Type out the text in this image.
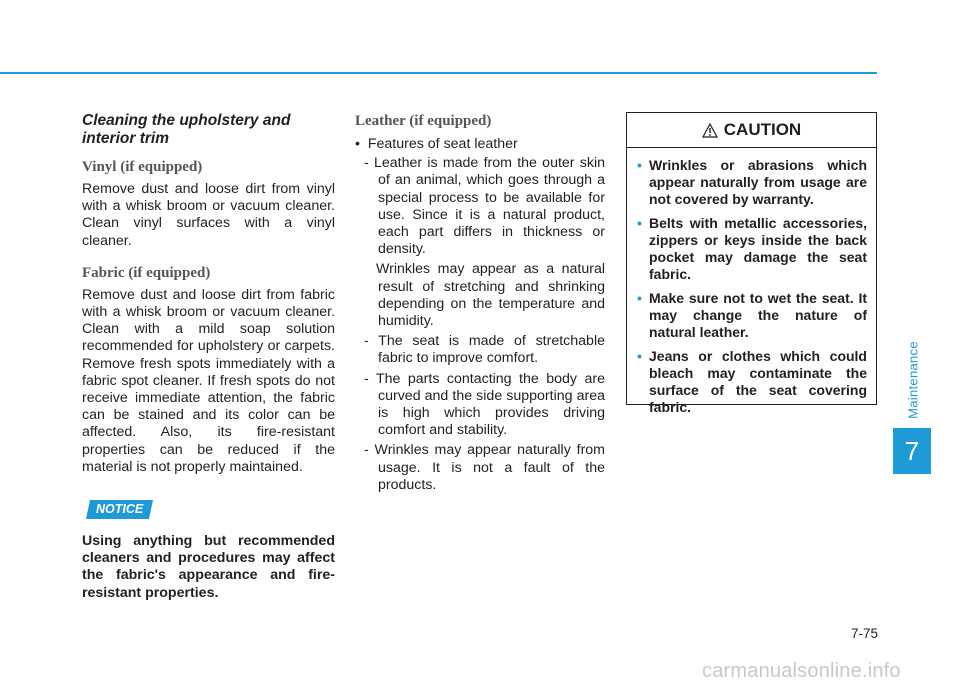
Cleaning the upholstery and interior trim
Vinyl (if equipped)

Remove dust and loose dirt from vinyl with a whisk broom or vacuum cleaner. Clean vinyl surfaces with a vinyl cleaner.

Fabric (if equipped)

Remove dust and loose dirt from fabric with a whisk broom or vacuum cleaner. Clean with a mild soap solution recommended for upholstery or carpets. Remove fresh spots immediately with a fabric spot cleaner. If fresh spots do not receive immediate attention, the fabric can be stained and its color can be affected. Also, its fire-resistant properties can be reduced if the material is not properly maintained.

NOTICE

Using anything but recommended cleaners and procedures may affect the fabric's appearance and fire-resistant properties.

Leather (if equipped)

•  Features of seat leather

- Leather is made from the outer skin of an animal, which goes through a special process to be available for use. Since it is a natural product, each part differs in thickness or density.

Wrinkles may appear as a natural result of stretching and shrinking depending on the temperature and humidity.

- The seat is made of stretchable fabric to improve comfort.

- The parts contacting the body are curved and the side supporting area is high which provides driving comfort and stability.

- Wrinkles may appear naturally from usage. It is not a fault of the products.

CAUTION
• Wrinkles or abrasions which appear naturally from usage are not covered by warranty.
• Belts with metallic accessories, zippers or keys inside the back pocket may damage the seat fabric.
• Make sure not to wet the seat. It may change the nature of natural leather.
• Jeans or clothes which could bleach may contaminate the surface of the seat covering fabric.	Maintenance
7
7-75
carmanualsonline.info
